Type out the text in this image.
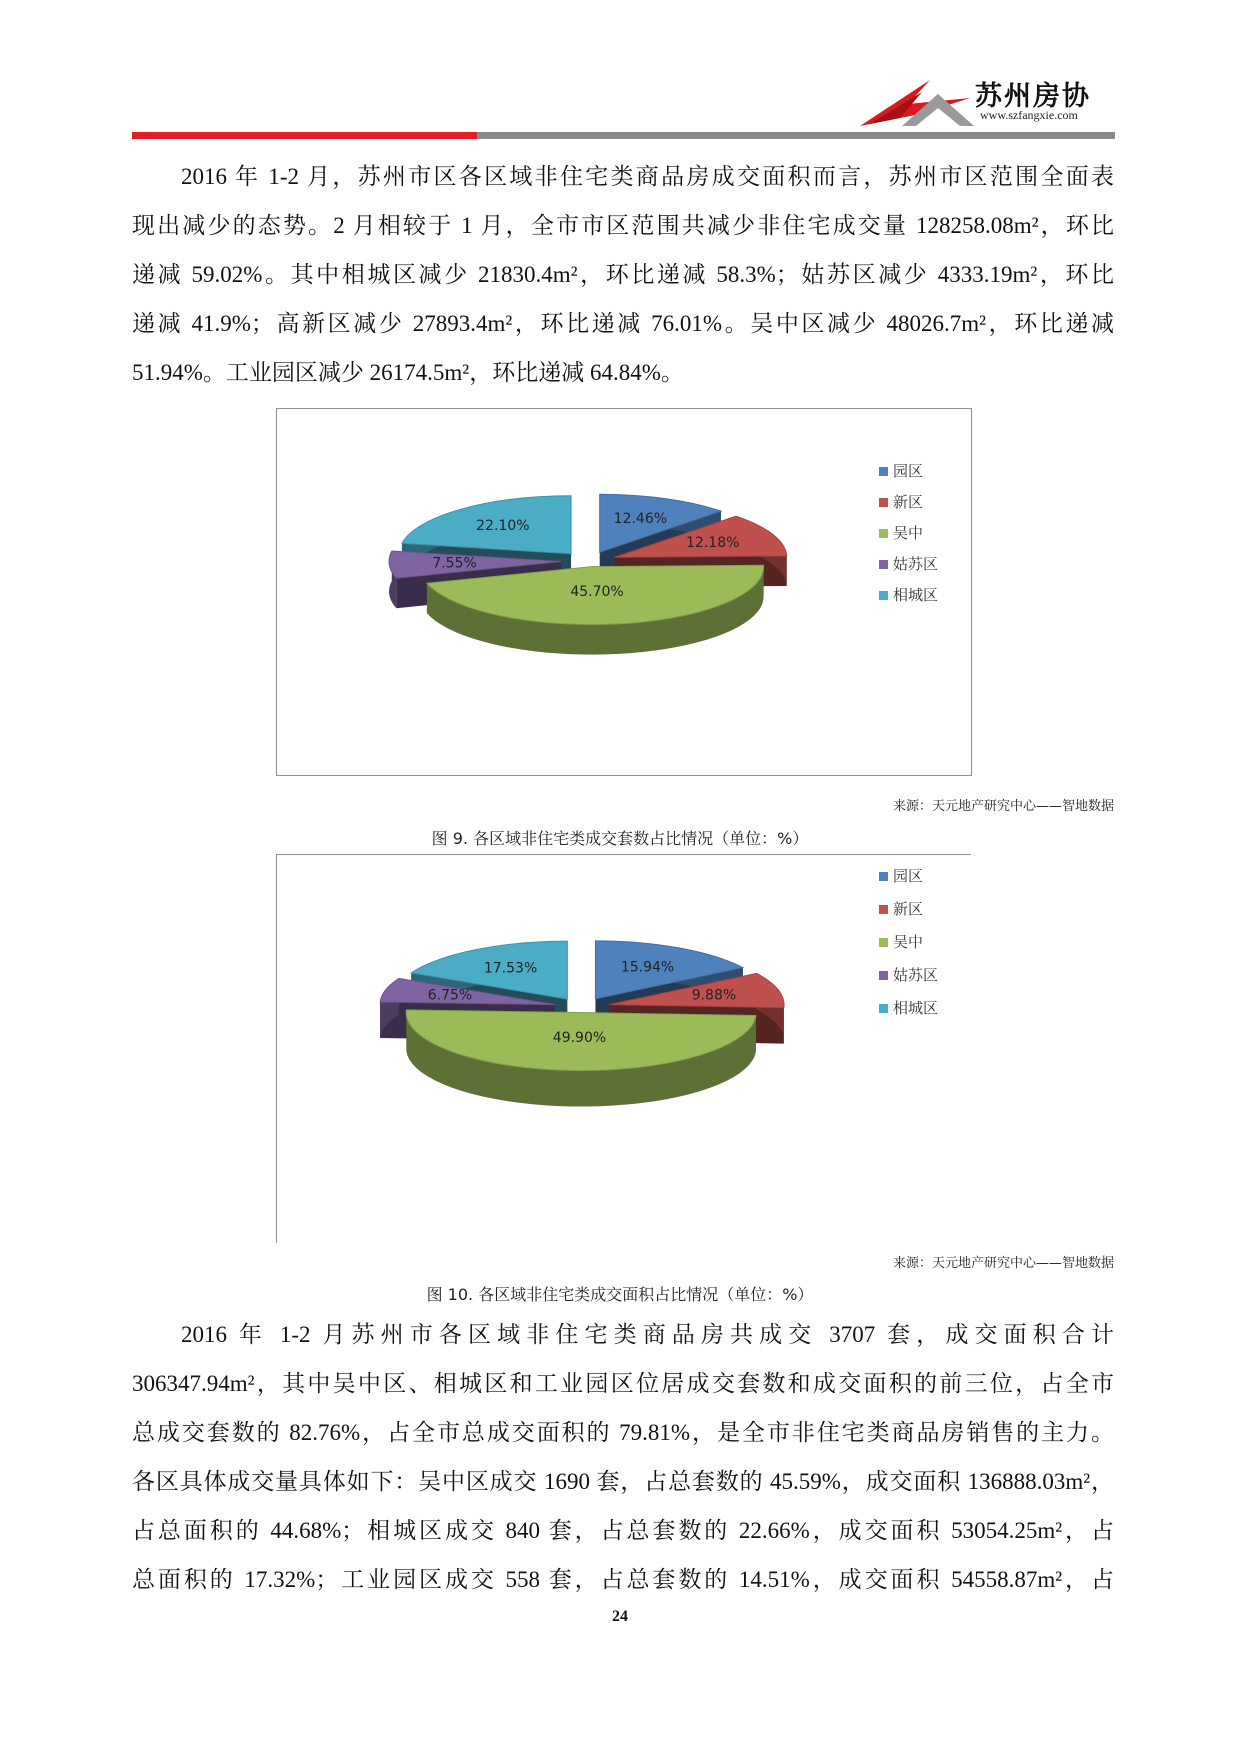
苏州房协
www.szfangxie.com
2016 年 1-2 月，苏州市区各区域非住宅类商品房成交面积而言，苏州市区范围全面表
现出减少的态势。2 月相较于 1 月，全市市区范围共减少非住宅成交量 128258.08m²，环比
递减 59.02%。其中相城区减少 21830.4m²，环比递减 58.3%；姑苏区减少 4333.19m²，环比
递减 41.9%；高新区减少 27893.4m²，环比递减 76.01%。吴中区减少 48026.7m²，环比递减
51.94%。工业园区减少 26174.5m²，环比递减 64.84%。
12.46%
12.18%
45.70%
7.55%
22.10%
园区
新区
吴中
姑苏区
相城区
来源：天元地产研究中心——智地数据
图 9. 各区域非住宅类成交套数占比情况（单位：%）
15.94%
9.88%
49.90%
6.75%
17.53%
园区
新区
吴中
姑苏区
相城区
来源：天元地产研究中心——智地数据
图 10. 各区域非住宅类成交面积占比情况（单位：%）
2016 年 1-2 月苏州市各区域非住宅类商品房共成交 3707 套，成交面积合计
306347.94m²，其中吴中区、相城区和工业园区位居成交套数和成交面积的前三位，占全市
总成交套数的 82.76%，占全市总成交面积的 79.81%，是全市非住宅类商品房销售的主力。
各区具体成交量具体如下：吴中区成交 1690 套，占总套数的 45.59%，成交面积 136888.03m²，
占总面积的 44.68%；相城区成交 840 套，占总套数的 22.66%，成交面积 53054.25m²，占
总面积的 17.32%；工业园区成交 558 套，占总套数的 14.51%，成交面积 54558.87m²，占
24
